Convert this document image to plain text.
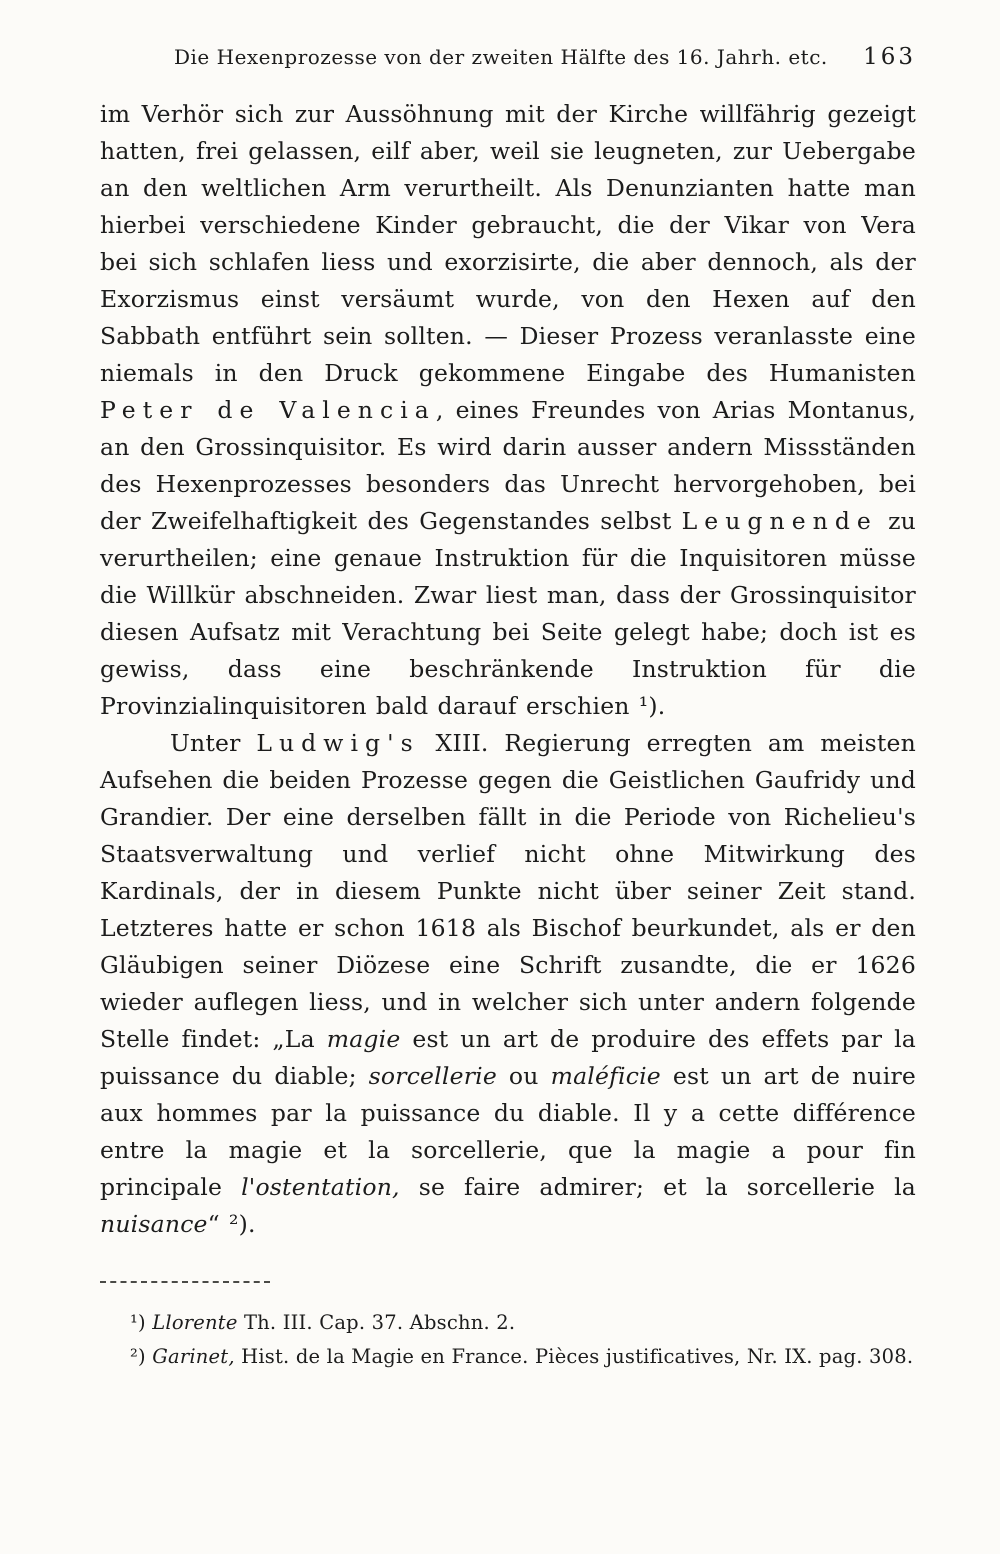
Die Hexenprozesse von der zweiten Hälfte des 16. Jahrh. etc. 163

im Verhör sich zur Aussöhnung mit der Kirche willfährig gezeigt hatten, frei gelassen, eilf aber, weil sie leugneten, zur Uebergabe an den weltlichen Arm verurtheilt. Als Denunzianten hatte man hierbei verschiedene Kinder gebraucht, die der Vikar von Vera bei sich schlafen liess und exorzisirte, die aber dennoch, als der Exorzismus einst versäumt wurde, von den Hexen auf den Sabbath entführt sein sollten. — Dieser Prozess veranlasste eine niemals in den Druck gekommene Eingabe des Humanisten Peter de Valencia, eines Freundes von Arias Montanus, an den Grossinquisitor. Es wird darin ausser andern Missständen des Hexenprozesses besonders das Unrecht hervorgehoben, bei der Zweifelhaftigkeit des Gegenstandes selbst Leugnende zu verurtheilen; eine genaue Instruktion für die Inquisitoren müsse die Willkür abschneiden. Zwar liest man, dass der Grossinquisitor diesen Aufsatz mit Verachtung bei Seite gelegt habe; doch ist es gewiss, dass eine beschränkende Instruktion für die Provinzialinquisitoren bald darauf erschien ¹).

Unter Ludwig's XIII. Regierung erregten am meisten Aufsehen die beiden Prozesse gegen die Geistlichen Gaufridy und Grandier. Der eine derselben fällt in die Periode von Richelieu's Staatsverwaltung und verlief nicht ohne Mitwirkung des Kardinals, der in diesem Punkte nicht über seiner Zeit stand. Letzteres hatte er schon 1618 als Bischof beurkundet, als er den Gläubigen seiner Diözese eine Schrift zusandte, die er 1626 wieder auflegen liess, und in welcher sich unter andern folgende Stelle findet: „La magie est un art de produire des effets par la puissance du diable; sorcellerie ou maléficie est un art de nuire aux hommes par la puissance du diable. Il y a cette différence entre la magie et la sorcellerie, que la magie a pour fin principale l'ostentation, se faire admirer; et la sorcellerie la nuisance“ ²).

¹) Llorente Th. III. Cap. 37. Abschn. 2.

²) Garinet, Hist. de la Magie en France. Pièces justificatives, Nr. IX. pag. 308.
